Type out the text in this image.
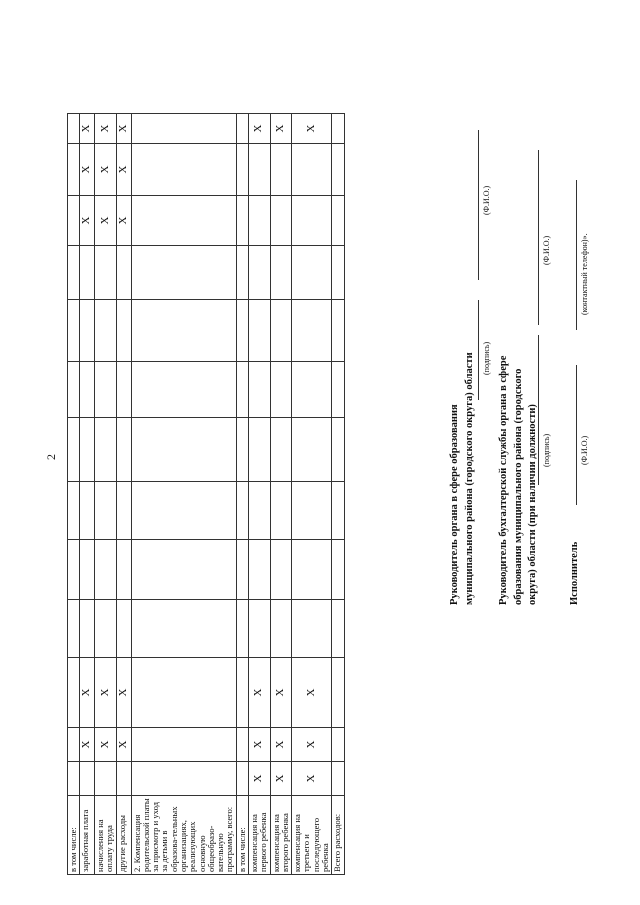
2
в том числе:													
заработная плата		X	X								X	X	X
начисления на оплату труда		X	X								X	X	X
другие расходы		X	X								X	X	X
2. Компенсация родительской платы за присмотр и уход за детьми в образова-тельных организациях, реализующих основную общеобразо-вательную программу, всего:													
в том числе:													
компенсация на первого ребенка	X	X	X										X
компенсация на второго ребенка	X	X	X										X
компенсация на третьего и последующего ребенка	X	X	X										X
Всего расходов:													
Руководитель органа в сфере образования муниципального района (городского округа) области (подпись)
(Ф.И.О.)
Руководитель бухгалтерской службы органа в сфере образования муниципального района (городского округа) области (при наличии должности) (подпись)
(Ф.И.О.)
Исполнитель
(Ф.И.О.)
(контактный телефон)».
